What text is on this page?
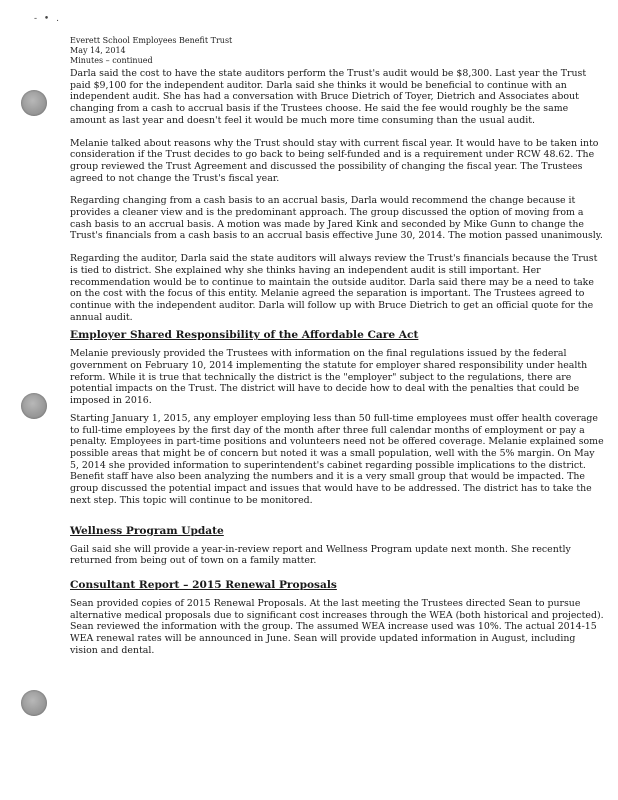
- • .
Everett School Employees Benefit Trust
May 14, 2014
Minutes – continued

Darla said the cost to have the state auditors perform the Trust's audit would be $8,300. Last year the Trust paid $9,100 for the independent auditor. Darla said she thinks it would be beneficial to continue with an independent audit. She has had a conversation with Bruce Dietrich of Toyer, Dietrich and Associates about changing from a cash to accrual basis if the Trustees choose. He said the fee would roughly be the same amount as last year and doesn't feel it would be much more time consuming than the usual audit.

Melanie talked about reasons why the Trust should stay with current fiscal year. It would have to be taken into consideration if the Trust decides to go back to being self-funded and is a requirement under RCW 48.62. The group reviewed the Trust Agreement and discussed the possibility of changing the fiscal year. The Trustees agreed to not change the Trust's fiscal year.

Regarding changing from a cash basis to an accrual basis, Darla would recommend the change because it provides a cleaner view and is the predominant approach. The group discussed the option of moving from a cash basis to an accrual basis. A motion was made by Jared Kink and seconded by Mike Gunn to change the Trust's financials from a cash basis to an accrual basis effective June 30, 2014. The motion passed unanimously.

Regarding the auditor, Darla said the state auditors will always review the Trust's financials because the Trust is tied to district. She explained why she thinks having an independent audit is still important. Her recommendation would be to continue to maintain the outside auditor. Darla said there may be a need to take on the cost with the focus of this entity. Melanie agreed the separation is important. The Trustees agreed to continue with the independent auditor. Darla will follow up with Bruce Dietrich to get an official quote for the annual audit.

Employer Shared Responsibility of the Affordable Care Act

Melanie previously provided the Trustees with information on the final regulations issued by the federal government on February 10, 2014 implementing the statute for employer shared responsibility under health reform. While it is true that technically the district is the "employer" subject to the regulations, there are potential impacts on the Trust. The district will have to decide how to deal with the penalties that could be imposed in 2016.

Starting January 1, 2015, any employer employing less than 50 full-time employees must offer health coverage to full-time employees by the first day of the month after three full calendar months of employment or pay a penalty. Employees in part-time positions and volunteers need not be offered coverage. Melanie explained some possible areas that might be of concern but noted it was a small population, well with the 5% margin. On May 5, 2014 she provided information to superintendent's cabinet regarding possible implications to the district. Benefit staff have also been analyzing the numbers and it is a very small group that would be impacted. The group discussed the potential impact and issues that would have to be addressed. The district has to take the next step. This topic will continue to be monitored.

Wellness Program Update

Gail said she will provide a year-in-review report and Wellness Program update next month. She recently returned from being out of town on a family matter.

Consultant Report – 2015 Renewal Proposals

Sean provided copies of 2015 Renewal Proposals. At the last meeting the Trustees directed Sean to pursue alternative medical proposals due to significant cost increases through the WEA (both historical and projected). Sean reviewed the information with the group. The assumed WEA increase used was 10%. The actual 2014-15 WEA renewal rates will be announced in June. Sean will provide updated information in August, including vision and dental.
